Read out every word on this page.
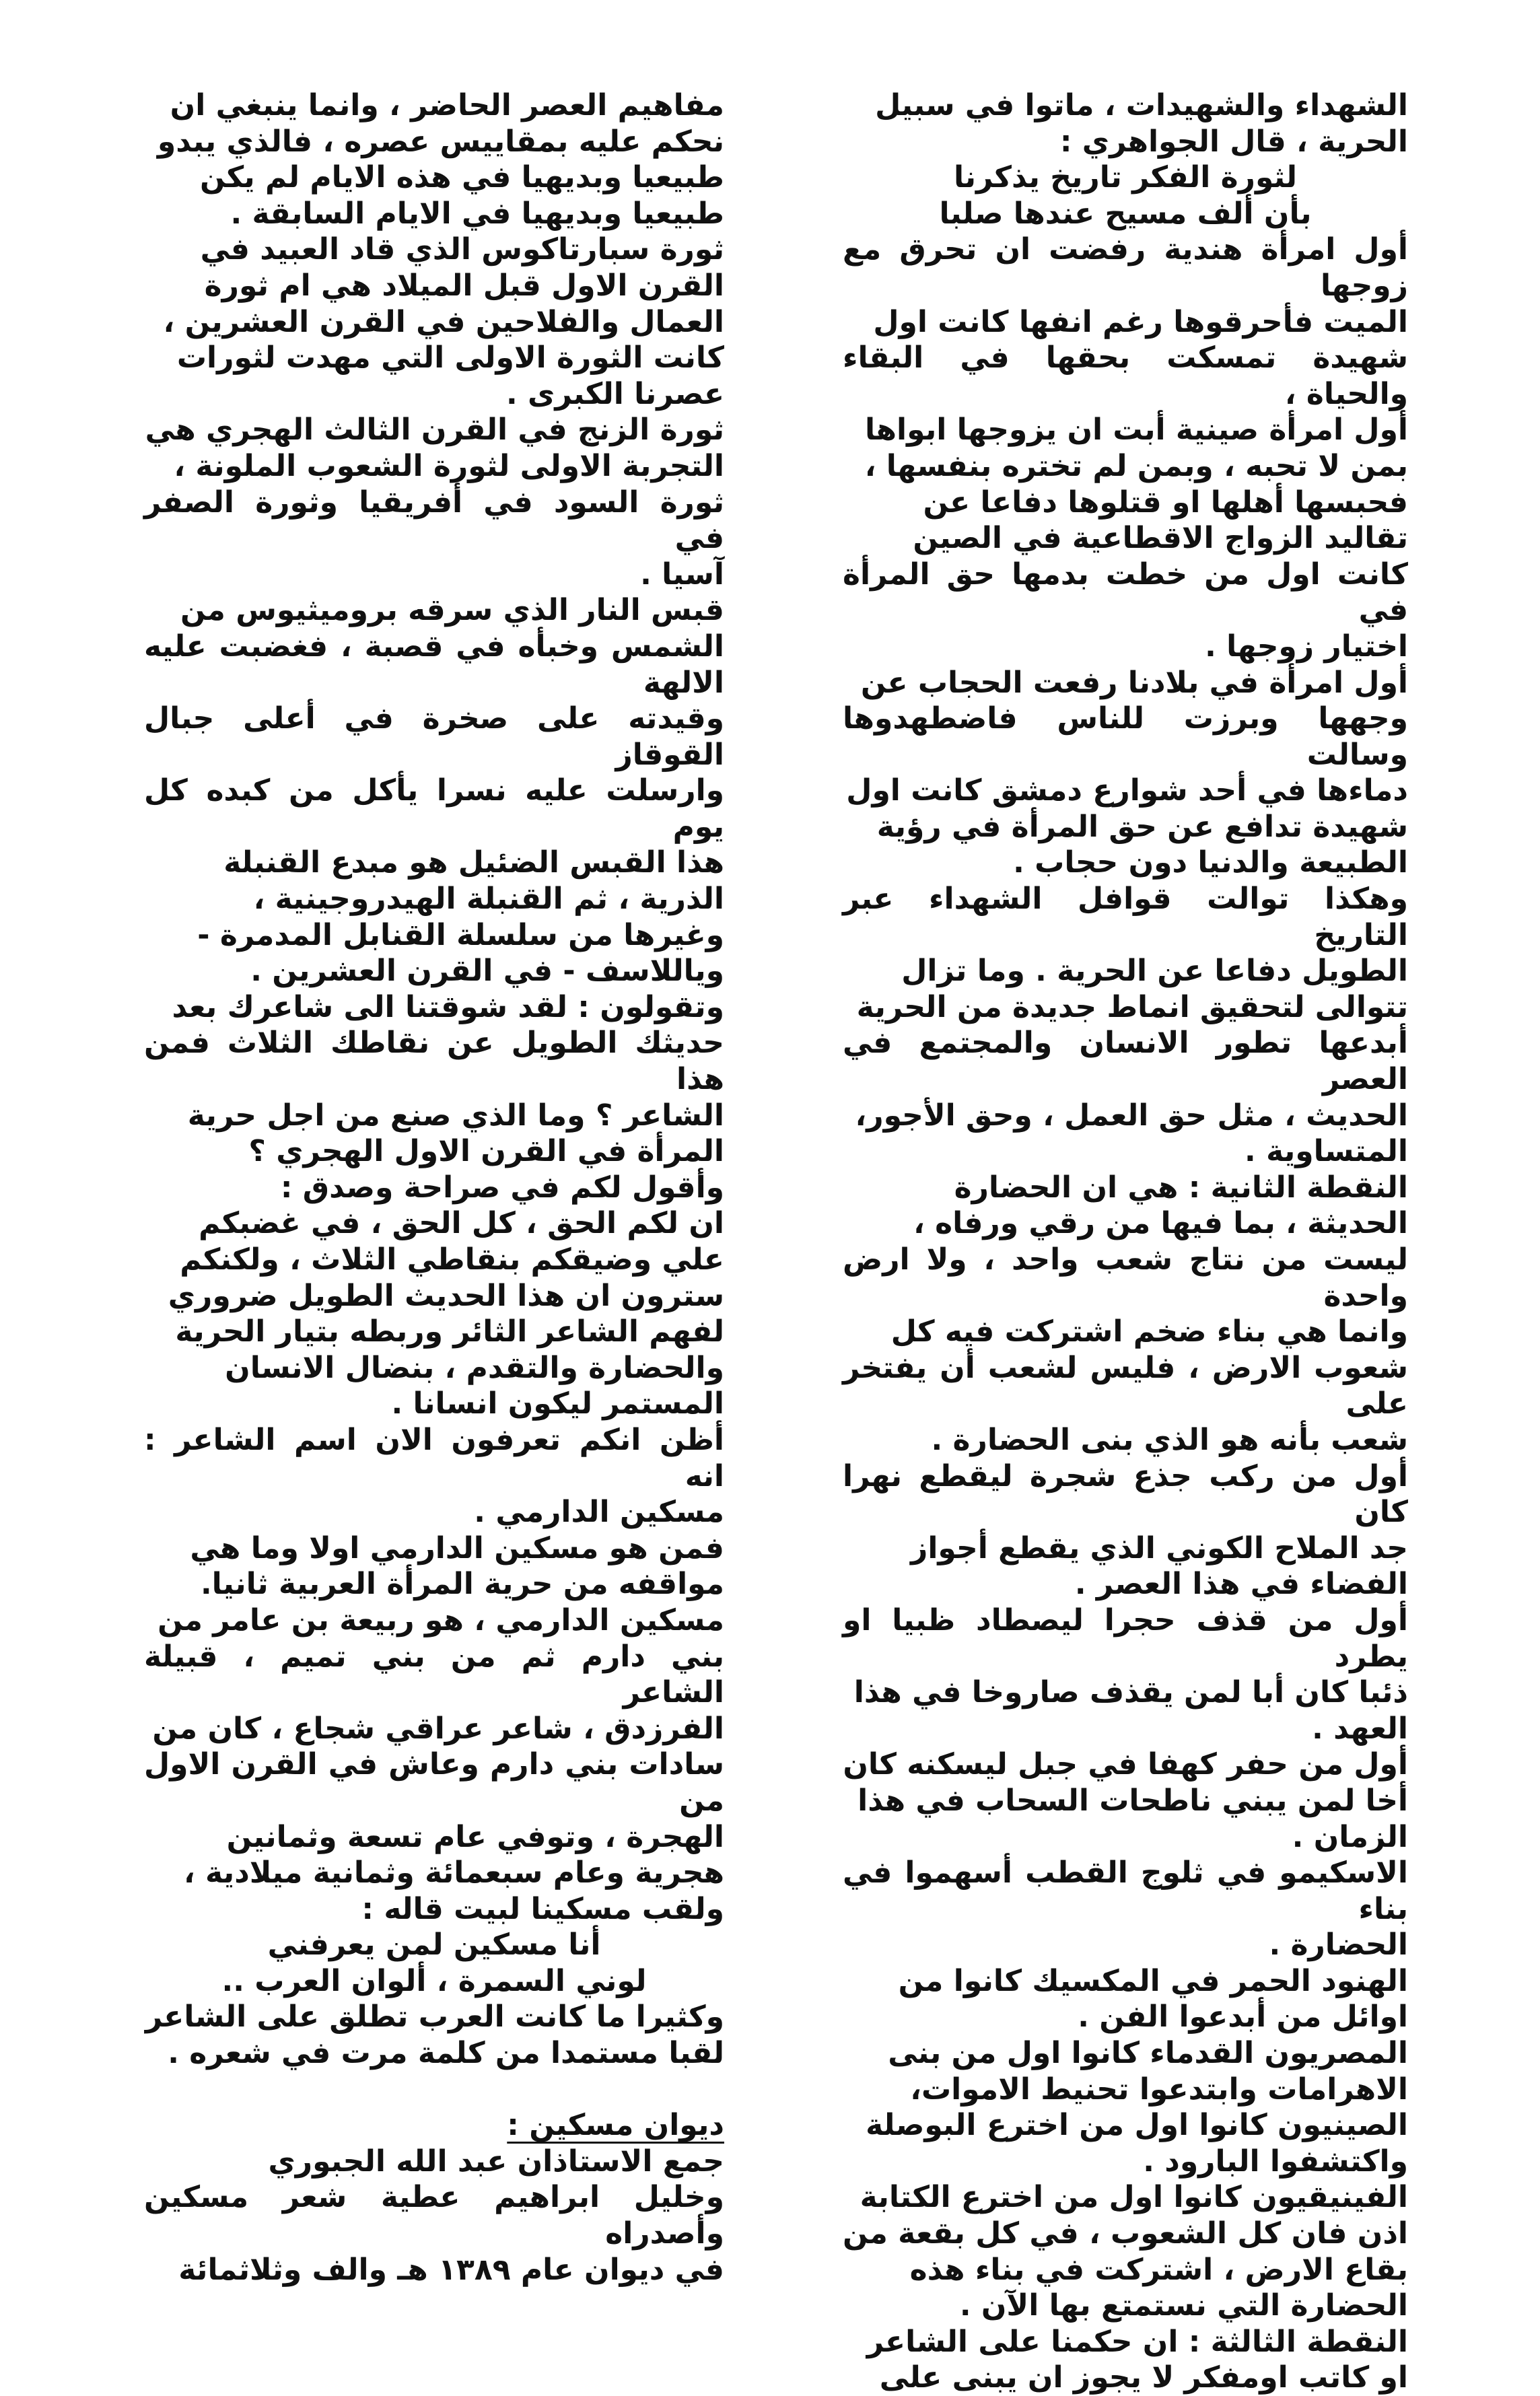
الشهداء والشهيدات ، ماتوا في سبيل

الحرية ، قال الجواهري :

لثورة الفكر تاريخ يذكرنا

بأن ألف مسيح عندها صلبا

أول امرأة هندية رفضت ان تحرق مع زوجها

الميت فأحرقوها رغم انفها كانت اول

شهيدة تمسكت بحقها في البقاء والحياة ،

أول امرأة صينية أبت ان يزوجها ابواها

بمن لا تحبه ، وبمن لم تختره بنفسها ،

فحبسها أهلها او قتلوها دفاعا عن

تقاليد الزواج الاقطاعية في الصين

كانت اول من خطت بدمها حق المرأة في

اختيار زوجها .

أول امرأة في بلادنا رفعت الحجاب عن

وجهها وبرزت للناس فاضطهدوها وسالت

دماءها في أحد شوارع دمشق كانت اول

شهيدة تدافع عن حق المرأة في رؤية

الطبيعة والدنيا دون حجاب .

وهكذا توالت قوافل الشهداء عبر التاريخ

الطويل دفاعا عن الحرية . وما تزال

تتوالى لتحقيق انماط جديدة من الحرية

أبدعها تطور الانسان والمجتمع في العصر

الحديث ، مثل حق العمل ، وحق الأجور،

المتساوية .

النقطة الثانية : هي ان الحضارة

الحديثة ، بما فيها من رقي ورفاه ،

ليست من نتاج شعب واحد ، ولا ارض واحدة

وانما هي بناء ضخم اشتركت فيه كل

شعوب الارض ، فليس لشعب أن يفتخر على

شعب بأنه هو الذي بنى الحضارة .

أول من ركب جذع شجرة ليقطع نهرا كان

جد الملاح الكوني الذي يقطع أجواز

الفضاء في هذا العصر .

أول من قذف حجرا ليصطاد ظبيا او يطرد

ذئبا كان أبا لمن يقذف صاروخا في هذا

العهد .

أول من حفر كهفا في جبل ليسكنه كان

أخا لمن يبني ناطحات السحاب في هذا

الزمان .

الاسكيمو في ثلوج القطب أسهموا في بناء

الحضارة .

الهنود الحمر في المكسيك كانوا من

اوائل من أبدعوا الفن .

المصريون القدماء كانوا اول من بنى

الاهرامات وابتدعوا تحنيط الاموات،

الصينيون كانوا اول من اخترع البوصلة

واكتشفوا البارود .

الفينيقيون كانوا اول من اخترع الكتابة

اذن فان كل الشعوب ، في كل بقعة من

بقاع الارض ، اشتركت في بناء هذه

الحضارة التي نستمتع بها الآن .

النقطة الثالثة : ان حكمنا على الشاعر

او كاتب اومفكر لا يجوز ان يبنى على

مفاهيم العصر الحاضر ، وانما ينبغي ان

نحكم عليه بمقاييس عصره ، فالذي يبدو

طبيعيا وبديهيا في هذه الايام لم يكن

طبيعيا وبديهيا في الايام السابقة .

ثورة سبارتاكوس الذي قاد العبيد في

القرن الاول قبل الميلاد هي ام ثورة

العمال والفلاحين في القرن العشرين ،

كانت الثورة الاولى التي مهدت لثورات

عصرنا الكبرى .

ثورة الزنج في القرن الثالث الهجري هي

التجربة الاولى لثورة الشعوب الملونة ،

ثورة السود في أفريقيا وثورة الصفر في

آسيا .

قبس النار الذي سرقه بروميثيوس من

الشمس وخبأه في قصبة ، فغضبت عليه الالهة

وقيدته على صخرة في أعلى جبال القوقاز

وارسلت عليه نسرا يأكل من كبده كل يوم

هذا القبس الضئيل هو مبدع القنبلة

الذرية ، ثم القنبلة الهيدروجينية ،

وغيرها من سلسلة القنابل المدمرة -

وياللاسف - في القرن العشرين .

وتقولون : لقد شوقتنا الى شاعرك بعد

حديثك الطويل عن نقاطك الثلاث فمن هذا

الشاعر ؟ وما الذي صنع من اجل حرية

المرأة في القرن الاول الهجري ؟

وأقول لكم في صراحة وصدق :

ان لكم الحق ، كل الحق ، في غضبكم

علي وضيقكم بنقاطي الثلاث ، ولكنكم

سترون ان هذا الحديث الطويل ضروري

لفهم الشاعر الثائر وربطه بتيار الحرية

والحضارة والتقدم ، بنضال الانسان

المستمر ليكون انسانا .

أظن انكم تعرفون الان اسم الشاعر : انه

مسكين الدارمي .

فمن هو مسكين الدارمي اولا وما هي

مواقفه من حرية المرأة العربية ثانيا.

مسكين الدارمي ، هو ربيعة بن عامر من

بني دارم ثم من بني تميم ، قبيلة الشاعر

الفرزدق ، شاعر عراقي شجاع ، كان من

سادات بني دارم وعاش في القرن الاول من

الهجرة ، وتوفي عام تسعة وثمانين

هجرية وعام سبعمائة وثمانية ميلادية ،

ولقب مسكينا لبيت قاله :

أنا مسكين لمن يعرفني

لوني السمرة ، ألوان العرب ..

وكثيرا ما كانت العرب تطلق على الشاعر

لقبا مستمدا من كلمة مرت في شعره .

ديوان مسكين :

جمع الاستاذان عبد الله الجبوري

وخليل ابراهيم عطية شعر مسكين وأصدراه

في ديوان عام ١٣٨٩ هـ والف وثلاثمائة
